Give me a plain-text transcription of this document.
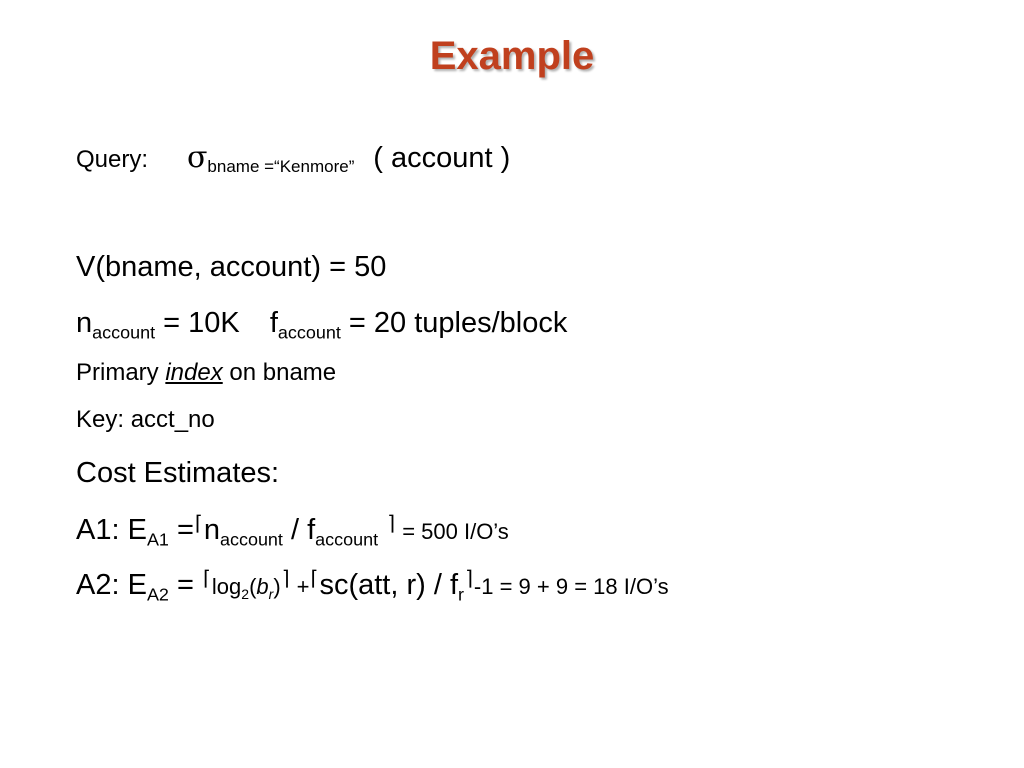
Example
Query: σbname =“Kenmore” ( account )
V(bname, account) = 50
$n_{account} = 10K$ $f_{account} = 20$ tuples/block
Primary index on bname
Key: acct_no
Cost Estimates:
A1: $E_{A1}$ $=⌈n_{account} / f_{account}$ ⌉ = 500 I/O’s
A2: $E_{A2}$ = $⌈\log_2(b_r)⌉$ +⌈sc(att, $r) / f_r⌉-1 = 9 + 9 = 18$ I/O’s
